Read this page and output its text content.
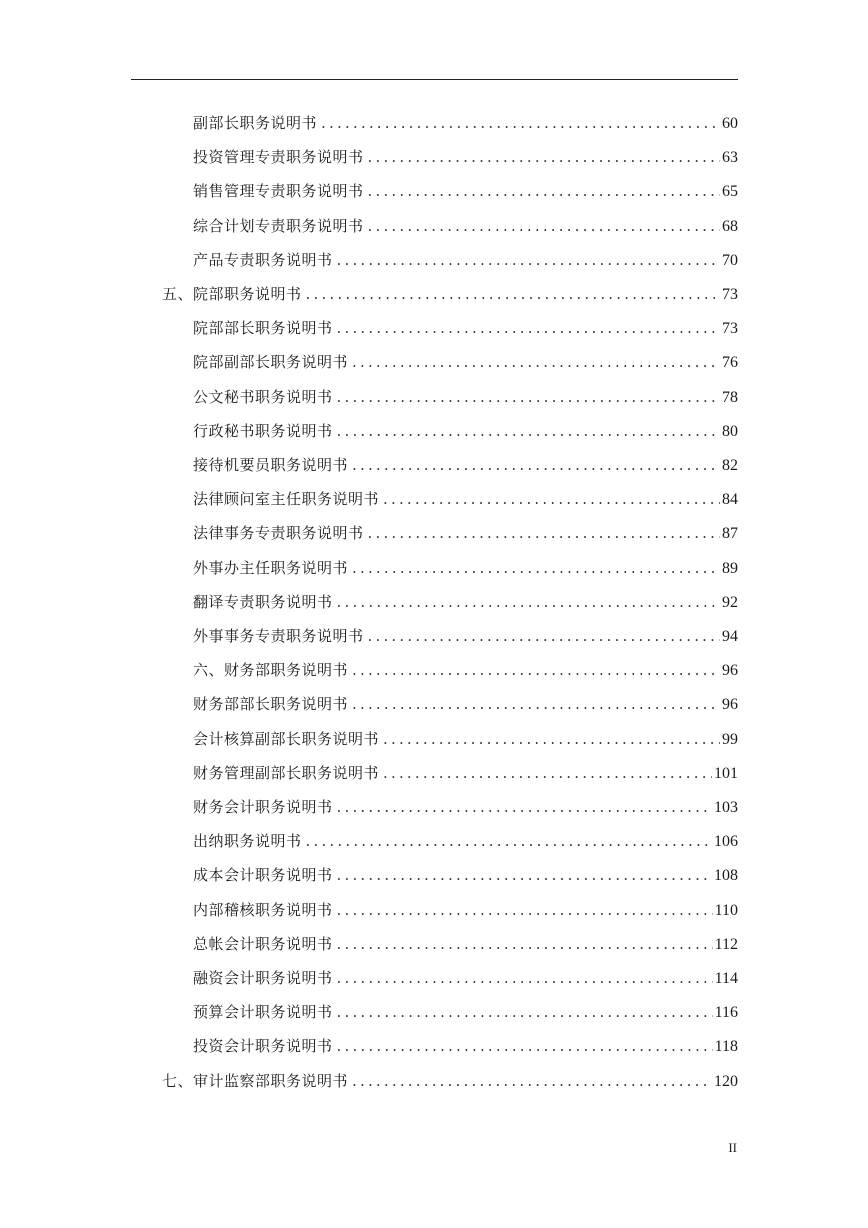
副部长职务说明书 .....	60
投资管理专责职务说明书 .....	63
销售管理专责职务说明书 .....	65
综合计划专责职务说明书 .....	68
产品专责职务说明书 .....	70
五、院部职务说明书 .....	73
院部部长职务说明书 .....	73
院部副部长职务说明书 .....	76
公文秘书职务说明书 .....	78
行政秘书职务说明书 .....	80
接待机要员职务说明书 .....	82
法律顾问室主任职务说明书 .....	84
法律事务专责职务说明书 .....	87
外事办主任职务说明书 .....	89
翻译专责职务说明书 .....	92
外事事务专责职务说明书 .....	94
六、财务部职务说明书 .....	96
财务部部长职务说明书 .....	96
会计核算副部长职务说明书 .....	99
财务管理副部长职务说明书 .....	101
财务会计职务说明书 .....	103
出纳职务说明书 .....	106
成本会计职务说明书 .....	108
内部稽核职务说明书 .....	110
总帐会计职务说明书 .....	112
融资会计职务说明书 .....	114
预算会计职务说明书 .....	116
投资会计职务说明书 .....	118
七、审计监察部职务说明书 .....	120
II
